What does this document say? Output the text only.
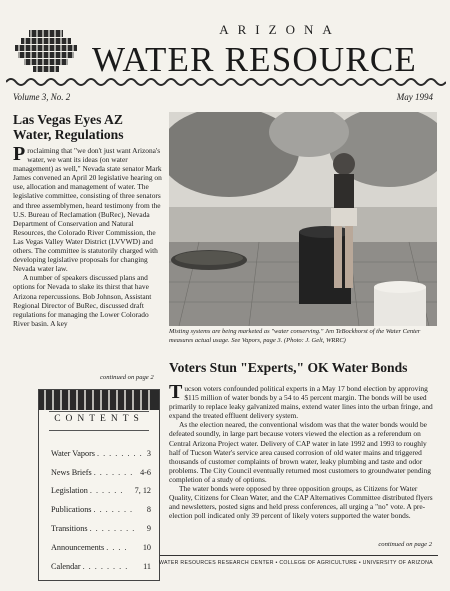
ARIZONA
WATER RESOURCE
Volume 3, No. 2	May 1994
Las Vegas Eyes AZ Water, Regulations

Proclaiming that "we don't just want Arizona's water, we want its ideas (on water management) as well," Nevada state senator Mark James convened an April 20 legislative hearing on use, allocation and management of water. The legislative committee, consisting of three senators and three assemblymen, heard testimony from the U.S. Bureau of Reclamation (BuRec), Nevada Department of Conservation and Natural Resources, the Colorado River Commission, the Las Vegas Valley Water District (LVVWD) and others. The committee is statutorily charged with developing legislative proposals for changing Nevada water law.

A number of speakers discussed plans and options for Nevada to slake its thirst that have Arizona repercussions. Bob Johnson, Assistant Regional Director of BuRec, discussed draft regulations for managing the Lower Colorado River basin. A key

continued on page 2
Misting systems are being marketed as "water conserving." Jen TeBockhorst of the Water Center measures actual usage. See Vapors, page 3. (Photo: J. Gelt, WRRC)
CONTENTS
Water Vapors . . . . . . . . 3
News Briefs . . . . . . . 4-6
Legislation . . . . . .	7, 12
Publications . . . . . . .	8
Transitions . . . . . . . .	9
Announcements . . . .	10
Calendar . . . . . . . .	11
Voters Stun "Experts," OK Water Bonds

Tucson voters confounded political experts in a May 17 bond election by approving $115 million of water bonds by a 54 to 45 percent margin. The bonds will be used primarily to replace leaky galvanized mains, extend water lines into the urban fringe, and expand the treated effluent delivery system.

As the election neared, the conventional wisdom was that the water bonds would be defeated soundly, in large part because voters viewed the election as a referendum on Central Arizona Project water. Delivery of CAP water in late 1992 and 1993 to roughly half of Tucson Water's service area caused corrosion of old water mains and triggered thousands of customer complaints of brown water, leaky plumbing and taste and odor problems. The City Council eventually returned most customers to groundwater pending completion of a study of options.

The water bonds were opposed by three opposition groups, as Citizens for Water Quality, Citizens for Clean Water, and the CAP Alternatives Committee distributed flyers and newsletters, posted signs and held press conferences, all urging a "no" vote. A pre-election poll indicated only 39 percent of likely voters supported the water bonds.

continued on page 2
WATER RESOURCES RESEARCH CENTER • COLLEGE OF AGRICULTURE • UNIVERSITY OF ARIZONA
